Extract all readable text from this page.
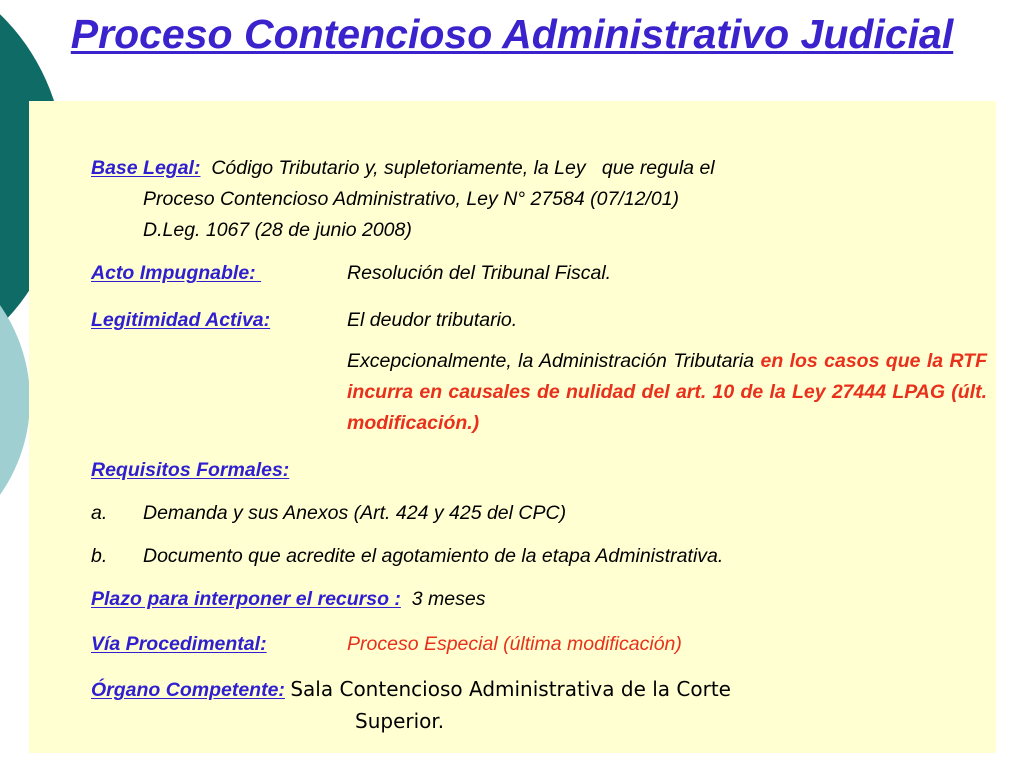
Proceso Contencioso Administrativo Judicial

Base Legal: Código Tributario y, supletoriamente, la Ley   que regula el
Proceso Contencioso Administrativo, Ley N° 27584 (07/12/01)
D.Leg. 1067 (28 de junio 2008)

Acto Impugnable:	Resolución del Tribunal Fiscal.
Legitimidad Activa:	El deudor tributario.

Excepcionalmente, la Administración Tributaria en los casos que la RTF incurra en causales de nulidad del art. 10 de la Ley 27444 LPAG (últ. modificación.)

Requisitos Formales:

a.	Demanda y sus Anexos (Art. 424 y 425 del CPC)
b.	Documento que acredite el agotamiento de la etapa Administrativa.

Plazo para interponer el recurso : 3 meses

Vía Procedimental:	Proceso Especial (última modificación)

Órgano Competente: Sala Contencioso Administrativa de la Corte
Superior.
